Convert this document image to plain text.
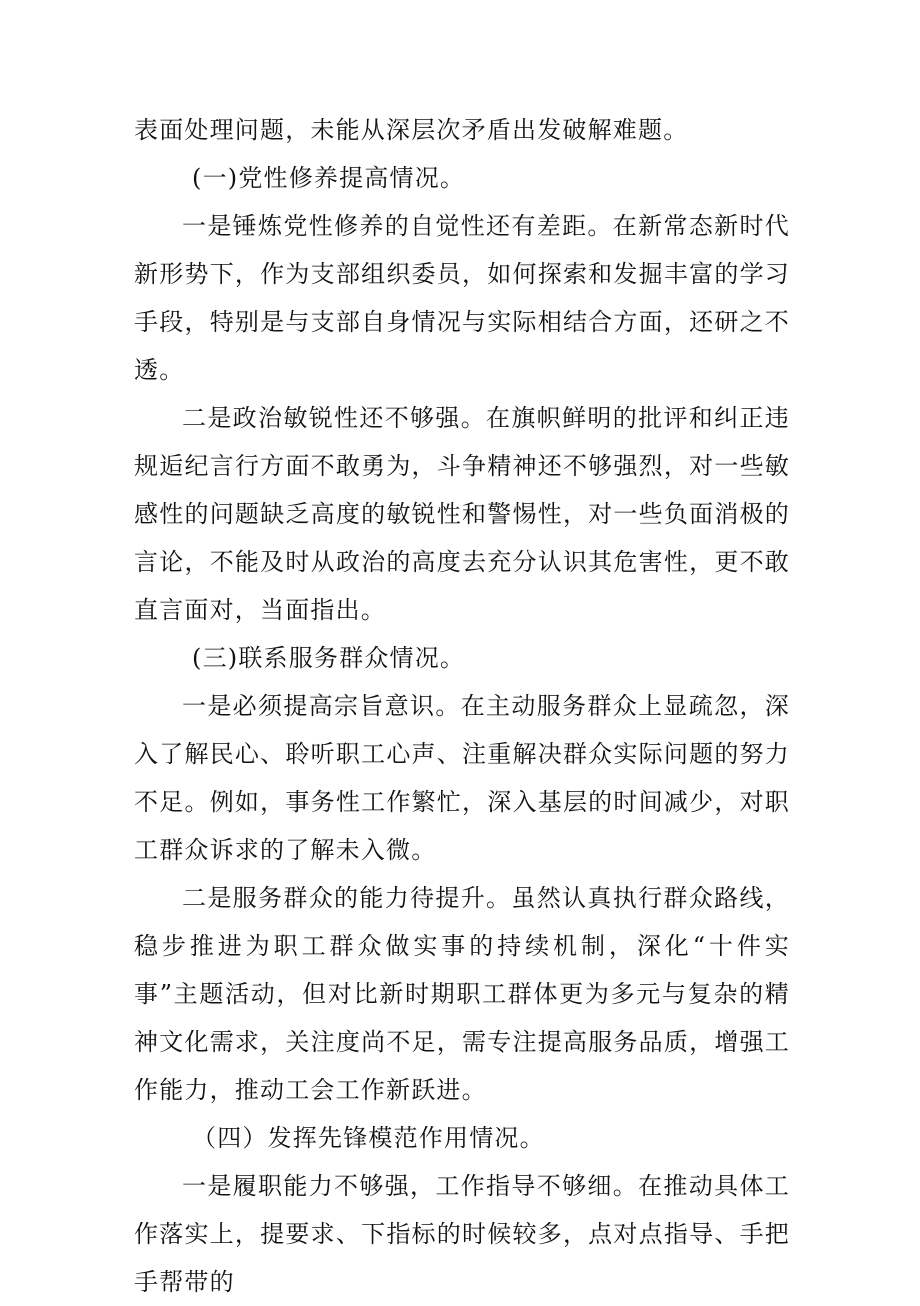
表面处理问题，未能从深层次矛盾出发破解难题。

(一)党性修养提高情况。

一是锤炼党性修养的自觉性还有差距。在新常态新时代新形势下，作为支部组织委员，如何探索和发掘丰富的学习手段，特别是与支部自身情况与实际相结合方面，还研之不透。

二是政治敏锐性还不够强。在旗帜鲜明的批评和纠正违规逅纪言行方面不敢勇为，斗争精神还不够强烈，对一些敏感性的问题缺乏高度的敏锐性和警惕性，对一些负面消极的言论，不能及时从政治的高度去充分认识其危害性，更不敢直言面对，当面指出。

(三)联系服务群众情况。

一是必须提高宗旨意识。在主动服务群众上显疏忽，深入了解民心、聆听职工心声、注重解决群众实际问题的努力不足。例如，事务性工作繁忙，深入基层的时间减少，对职工群众诉求的了解未入微。

二是服务群众的能力待提升。虽然认真执行群众路线，稳步推进为职工群众做实事的持续机制，深化“十件实事”主题活动，但对比新时期职工群体更为多元与复杂的精神文化需求，关注度尚不足，需专注提高服务品质，增强工作能力，推动工会工作新跃进。

（四）发挥先锋模范作用情况。

一是履职能力不够强，工作指导不够细。在推动具体工作落实上，提要求、下指标的时候较多，点对点指导、手把手帮带的
